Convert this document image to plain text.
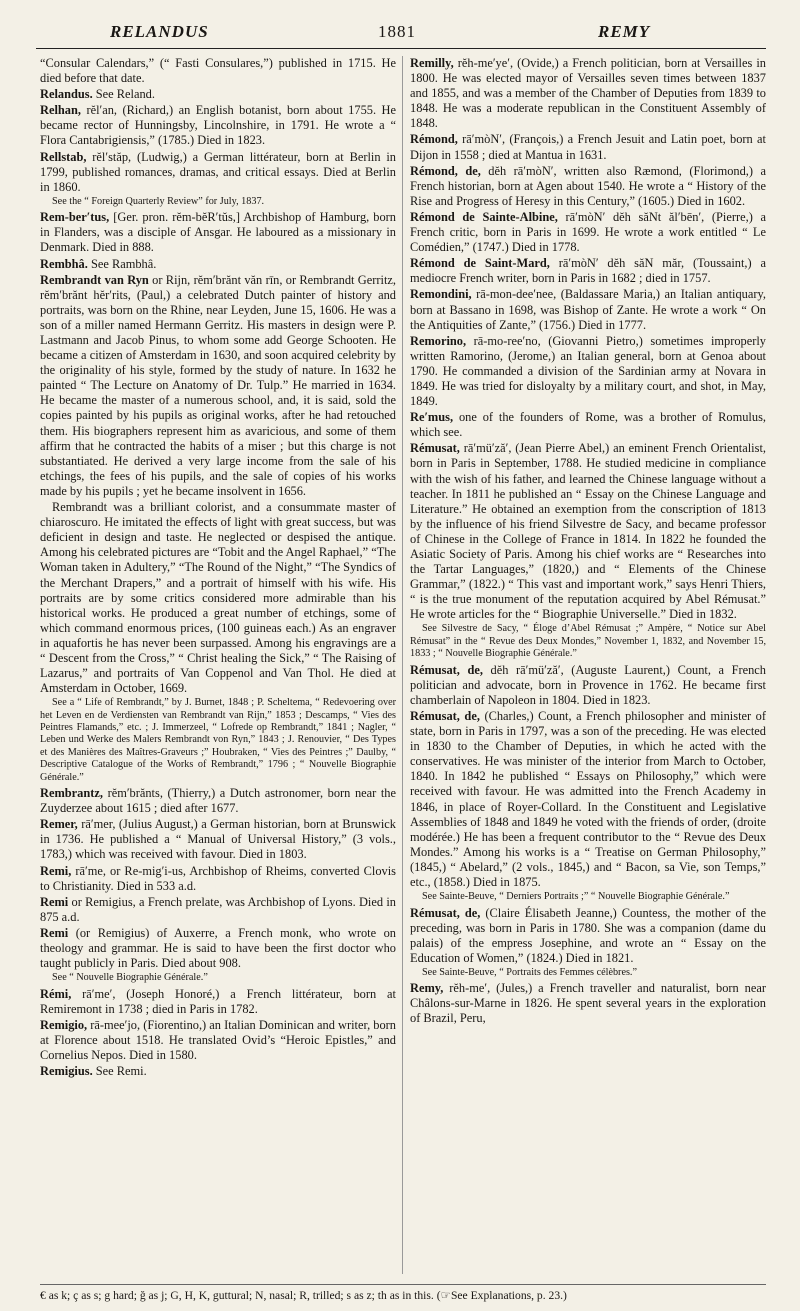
RELANDUS	1881	REMY

“Consular Calendars,” (“ Fasti Consulares,”) published in 1715. He died before that date.

Relandus. See Reland.

Relhan, rĕl′an, (Richard,) an English botanist, born about 1755. He became rector of Hunningsby, Lincolnshire, in 1791. He wrote a “ Flora Cantabrigiensis,” (1785.) Died in 1823.

Rellstab, rĕl′stăp, (Ludwig,) a German littérateur, born at Berlin in 1799, published romances, dramas, and critical essays. Died at Berlin in 1860.

See the “ Foreign Quarterly Review” for July, 1837.

Rem-ber′tus, [Ger. pron. rĕm-bĕR′tŭs,] Archbishop of Hamburg, born in Flanders, was a disciple of Ansgar. He laboured as a missionary in Denmark. Died in 888.

Rembhâ. See Rambhâ.

Rembrandt van Ryn or Rijn, rĕm′brănt văn rīn, or Rembrandt Gerritz, rĕm′brănt hĕr′rits, (Paul,) a celebrated Dutch painter of history and portraits, was born on the Rhine, near Leyden, June 15, 1606. He was a son of a miller named Hermann Gerritz. His masters in design were P. Lastmann and Jacob Pinus, to whom some add George Schooten. He became a citizen of Amsterdam in 1630, and soon acquired celebrity by the originality of his style, formed by the study of nature. In 1632 he painted “ The Lecture on Anatomy of Dr. Tulp.” He married in 1634. He became the master of a numerous school, and, it is said, sold the copies painted by his pupils as original works, after he had retouched them. His biographers represent him as avaricious, and some of them affirm that he contracted the habits of a miser ; but this charge is not substantiated. He derived a very large income from the sale of his etchings, the fees of his pupils, and the sale of copies of his works made by his pupils ; yet he became insolvent in 1656.

Rembrandt was a brilliant colorist, and a consummate master of chiaroscuro. He imitated the effects of light with great success, but was deficient in design and taste. He neglected or despised the antique. Among his celebrated pictures are “Tobit and the Angel Raphael,” “The Woman taken in Adultery,” “The Round of the Night,” “The Syndics of the Merchant Drapers,” and a portrait of himself with his wife. His portraits are by some critics considered more admirable than his historical works. He produced a great number of etchings, some of which command enormous prices, (100 guineas each.) As an engraver in aquafortis he has never been surpassed. Among his engravings are a “ Descent from the Cross,” “ Christ healing the Sick,” “ The Raising of Lazarus,” and portraits of Van Coppenol and Van Thol. He died at Amsterdam in October, 1669.

See a “ Life of Rembrandt,” by J. Burnet, 1848 ; P. Scheltema, “ Redevoering over het Leven en de Verdiensten van Rembrandt van Rijn,” 1853 ; Descamps, “ Vies des Peintres Flamands,” etc. ; J. Immerzeel, “ Lofrede op Rembrandt,” 1841 ; Nagler, “ Leben und Werke des Malers Rembrandt von Ryn,” 1843 ; J. Renouvier, “ Des Types et des Manières des Maîtres-Graveurs ;” Houbraken, “ Vies des Peintres ;” Daulby, “ Descriptive Catalogue of the Works of Rembrandt,” 1796 ; “ Nouvelle Biographie Générale.”

Rembrantz, rĕm′brănts, (Thierry,) a Dutch astronomer, born near the Zuyderzee about 1615 ; died after 1677.

Remer, rā′mer, (Julius August,) a German historian, born at Brunswick in 1736. He published a “ Manual of Universal History,” (3 vols., 1783,) which was received with favour. Died in 1803.

Remi, rā′me, or Re-mig′i-us, Archbishop of Rheims, converted Clovis to Christianity. Died in 533 a.d.

Remi or Remigius, a French prelate, was Archbishop of Lyons. Died in 875 a.d.

Remi (or Remigius) of Auxerre, a French monk, who wrote on theology and grammar. He is said to have been the first doctor who taught publicly in Paris. Died about 908.

See “ Nouvelle Biographie Générale.”

Rémi, rā′me′, (Joseph Honoré,) a French littérateur, born at Remiremont in 1738 ; died in Paris in 1782.

Remigio, rā-mee′jo, (Fiorentino,) an Italian Dominican and writer, born at Florence about 1518. He translated Ovid’s “Heroic Epistles,” and Cornelius Nepos. Died in 1580.

Remigius. See Remi.

Remilly, rĕh-me′ye′, (Ovide,) a French politician, born at Versailles in 1800. He was elected mayor of Versailles seven times between 1837 and 1855, and was a member of the Chamber of Deputies from 1839 to 1848. He was a moderate republican in the Constituent Assembly of 1848.

Rémond, rā′mòN′, (François,) a French Jesuit and Latin poet, born at Dijon in 1558 ; died at Mantua in 1631.

Rémond, de, dĕh rā′mòN′, written also Ræmond, (Florimond,) a French historian, born at Agen about 1540. He wrote a “ History of the Rise and Progress of Heresy in this Century,” (1605.) Died in 1602.

Rémond de Sainte-Albine, rā′mòN′ dĕh săNt ăl′bēn′, (Pierre,) a French critic, born in Paris in 1699. He wrote a work entitled “ Le Comédien,” (1747.) Died in 1778.

Rémond de Saint-Mard, rā′mòN′ dĕh săN măr, (Toussaint,) a mediocre French writer, born in Paris in 1682 ; died in 1757.

Remondini, rā-mon-dee′nee, (Baldassare Maria,) an Italian antiquary, born at Bassano in 1698, was Bishop of Zante. He wrote a work “ On the Antiquities of Zante,” (1756.) Died in 1777.

Remorino, rā-mo-ree′no, (Giovanni Pietro,) sometimes improperly written Ramorino, (Jerome,) an Italian general, born at Genoa about 1790. He commanded a division of the Sardinian army at Novara in 1849. He was tried for disloyalty by a military court, and shot, in May, 1849.

Re′mus, one of the founders of Rome, was a brother of Romulus, which see.

Rémusat, rā′mü′ză′, (Jean Pierre Abel,) an eminent French Orientalist, born in Paris in September, 1788. He studied medicine in compliance with the wish of his father, and learned the Chinese language without a teacher. In 1811 he published an “ Essay on the Chinese Language and Literature.” He obtained an exemption from the conscription of 1813 by the influence of his friend Silvestre de Sacy, and became professor of Chinese in the College of France in 1814. In 1822 he founded the Asiatic Society of Paris. Among his chief works are “ Researches into the Tartar Languages,” (1820,) and “ Elements of the Chinese Grammar,” (1822.) “ This vast and important work,” says Henri Thiers, “ is the true monument of the reputation acquired by Abel Rémusat.” He wrote articles for the “ Biographie Universelle.” Died in 1832.

See Silvestre de Sacy, “ Éloge d’Abel Rémusat ;” Ampère, “ Notice sur Abel Rémusat” in the “ Revue des Deux Mondes,” November 1, 1832, and November 15, 1833 ; “ Nouvelle Biographie Générale.”

Rémusat, de, dĕh rā′mü′ză′, (Auguste Laurent,) Count, a French politician and advocate, born in Provence in 1762. He became first chamberlain of Napoleon in 1804. Died in 1823.

Rémusat, de, (Charles,) Count, a French philosopher and minister of state, born in Paris in 1797, was a son of the preceding. He was elected in 1830 to the Chamber of Deputies, in which he acted with the conservatives. He was minister of the interior from March to October, 1840. In 1842 he published “ Essays on Philosophy,” which were received with favour. He was admitted into the French Academy in 1846, in place of Royer-Collard. In the Constituent and Legislative Assemblies of 1848 and 1849 he voted with the friends of order, (droite modérée.) He has been a frequent contributor to the “ Revue des Deux Mondes.” Among his works is a “ Treatise on German Philosophy,” (1845,) “ Abelard,” (2 vols., 1845,) and “ Bacon, sa Vie, son Temps,” etc., (1858.) Died in 1875.

See Sainte-Beuve, “ Derniers Portraits ;” “ Nouvelle Biographie Générale.”

Rémusat, de, (Claire Élisabeth Jeanne,) Countess, the mother of the preceding, was born in Paris in 1780. She was a companion (dame du palais) of the empress Josephine, and wrote an “ Essay on the Education of Women,” (1824.) Died in 1821.

See Sainte-Beuve, “ Portraits des Femmes célèbres.”

Remy, rĕh-me′, (Jules,) a French traveller and naturalist, born near Châlons-sur-Marne in 1826. He spent several years in the exploration of Brazil, Peru,

€ as k; ç as s; g hard; ğ as j; G, H, K, guttural; N, nasal; R, trilled; s as z; th as in this. (☞See Explanations, p. 23.)
